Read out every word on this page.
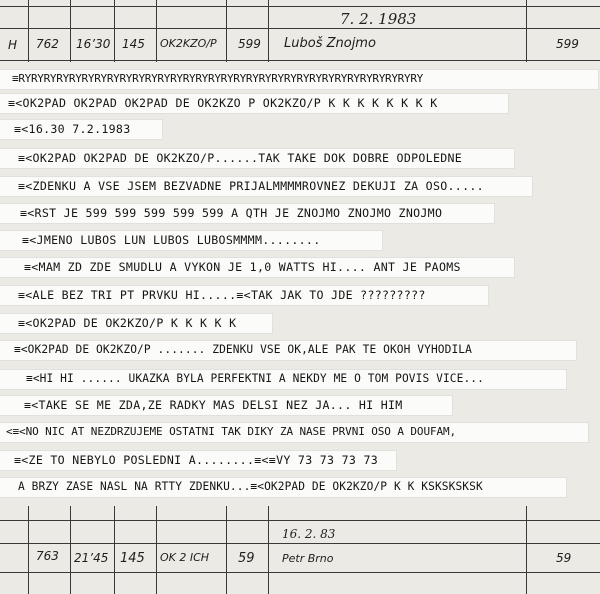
7. 2. 1983
H 762 16’30 145 OK2KZO/P 599 Luboš Znojmo	599
≡RYRYRYRYRYRYRYRYRYRYRYRYRYRYRYRYRYRYRYRYRYRYRYRYRYRYRYRYRYRYRYRY
≡<OK2PAD OK2PAD OK2PAD DE OK2KZO P OK2KZO/P K K K K K K K K
≡<16.30 7.2.1983
≡<OK2PAD OK2PAD DE OK2KZO/P......TAK TAKE DOK DOBRE ODPOLEDNE
≡<ZDENKU A VSE JSEM BEZVADNE PRIJALMMMMROVNEZ DEKUJI ZA OSO.....
≡<RST JE 599 599 599 599 599 A QTH JE ZNOJMO ZNOJMO ZNOJMO
≡<JMENO LUBOS LUN LUBOS LUBOSMMMM........
≡<MAM ZD ZDE SMUDLU A VYKON JE 1,0 WATTS HI.... ANT JE PAOMS
≡<ALE BEZ TRI PT PRVKU HI.....≡<TAK JAK TO JDE ?????????
≡<OK2PAD DE OK2KZO/P K K K K K
≡<OK2PAD DE OK2KZO/P ....... ZDENKU VSE OK,ALE PAK TE OKOH VYHODILA
≡<HI HI ...... UKAZKA BYLA PERFEKTNI A NEKDY ME O TOM POVIS VICE...
≡<TAKE SE ME ZDA,ZE RADKY MAS DELSI NEZ JA... HI HIM
<≡<NO NIC AT NEZDRZUJEME OSTATNI TAK DIKY ZA NASE PRVNI OSO A DOUFAM,
≡<ZE TO NEBYLO POSLEDNI A........≡<≡VY 73 73 73 73
A BRZY ZASE NASL NA RTTY ZDENKU...≡<OK2PAD DE OK2KZO/P K K KSKSKSKSK
16. 2. 83
763 21’45 145 OK 2 ICH 59 Petr Brno	59
